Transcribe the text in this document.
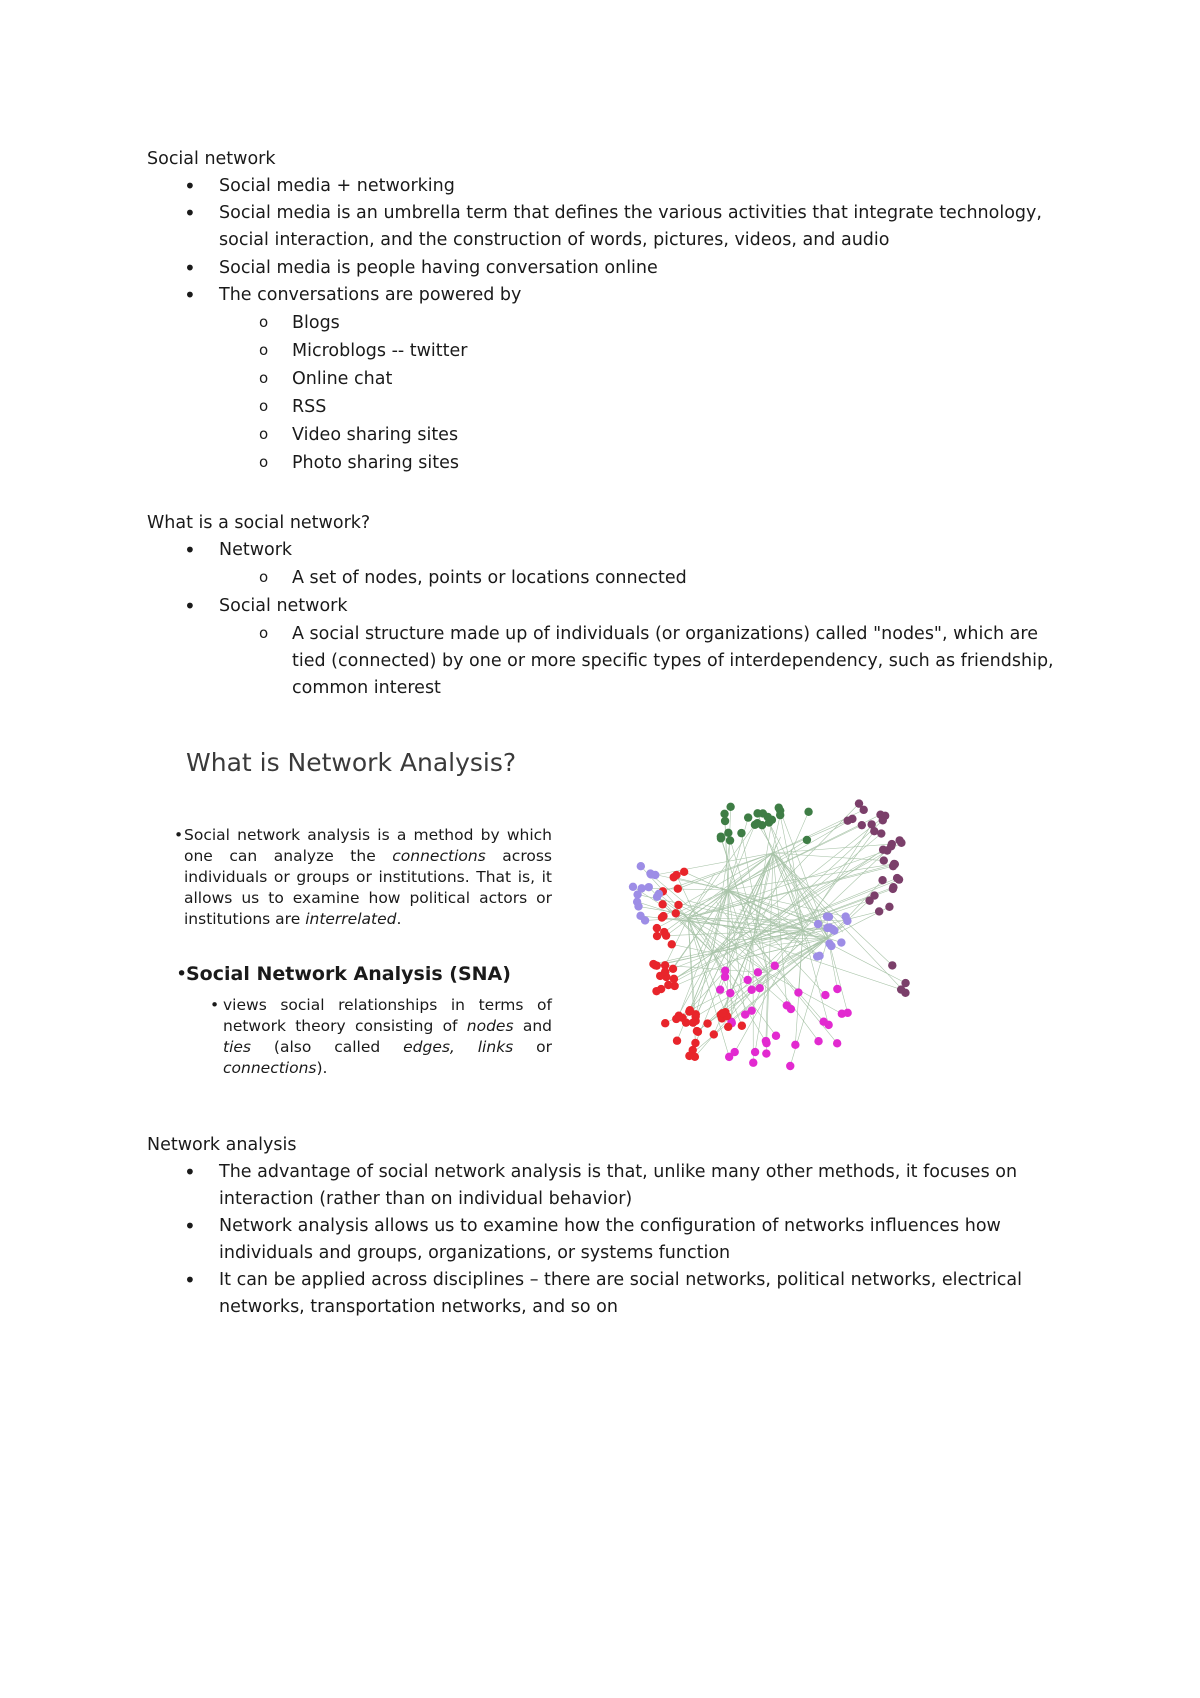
Social network
• Social media + networking
• Social media is an umbrella term that defines the various activities that integrate technology, social interaction, and the construction of words, pictures, videos, and audio
• Social media is people having conversation online
• The conversations are powered by
o Blogs
o Microblogs -- twitter
o Online chat
o RSS
o Video sharing sites
o Photo sharing sites
What is a social network?
• Network
o A set of nodes, points or locations connected
• Social network
o A social structure made up of individuals (or organizations) called "nodes", which are tied (connected) by one or more specific types of interdependency, such as friendship, common interest
What is Network Analysis?
• Social network analysis is a method by which one can analyze the connections across individuals or groups or institutions. That is, it allows us to examine how political actors or institutions are interrelated.
• Social Network Analysis (SNA)
• views social relationships in terms of network theory consisting of nodes and ties (also called edges, links or connections).
Network analysis
• The advantage of social network analysis is that, unlike many other methods, it focuses on interaction (rather than on individual behavior)
• Network analysis allows us to examine how the configuration of networks influences how individuals and groups, organizations, or systems function
• It can be applied across disciplines – there are social networks, political networks, electrical networks, transportation networks, and so on
